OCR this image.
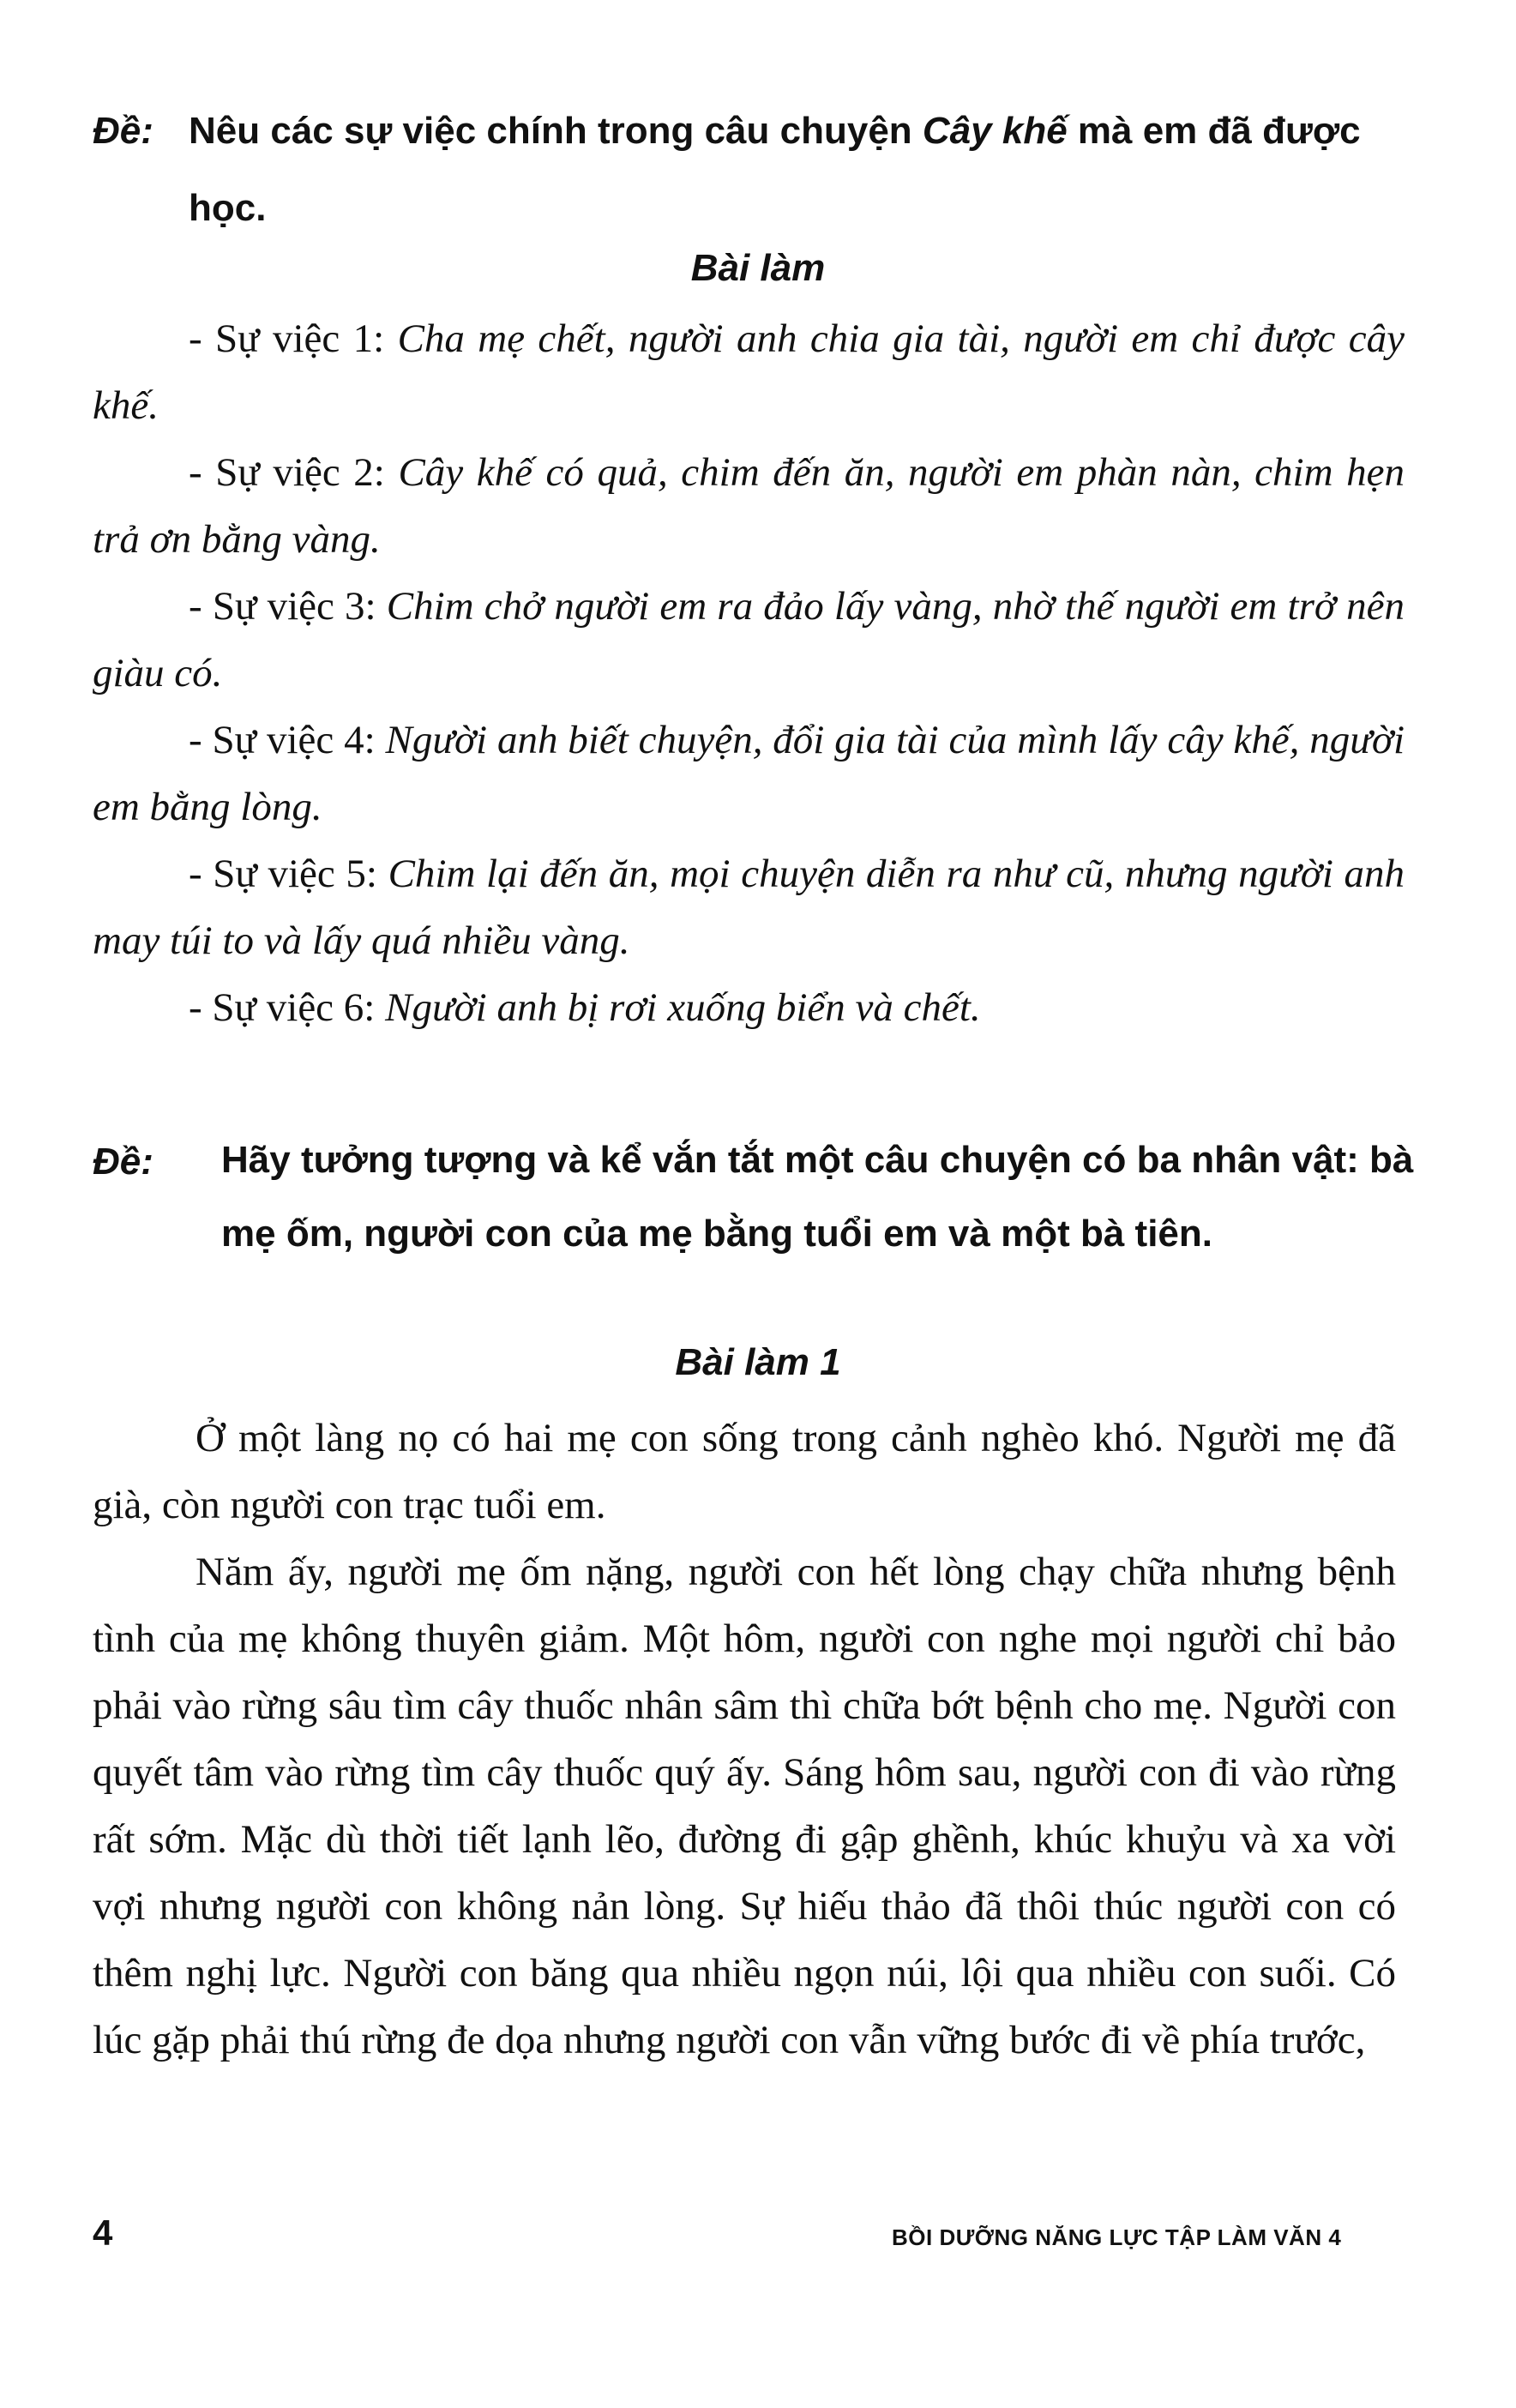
Đề: Nêu các sự việc chính trong câu chuyện Cây khế mà em đã được học.
Bài làm

- Sự việc 1: Cha mẹ chết, người anh chia gia tài, người em chỉ được cây khế.

- Sự việc 2: Cây khế có quả, chim đến ăn, người em phàn nàn, chim hẹn trả ơn bằng vàng.

- Sự việc 3: Chim chở người em ra đảo lấy vàng, nhờ thế người em trở nên giàu có.

- Sự việc 4: Người anh biết chuyện, đổi gia tài của mình lấy cây khế, người em bằng lòng.

- Sự việc 5: Chim lại đến ăn, mọi chuyện diễn ra như cũ, nhưng người anh may túi to và lấy quá nhiều vàng.

- Sự việc 6: Người anh bị rơi xuống biển và chết.

Đề: Hãy tưởng tượng và kể vắn tắt một câu chuyện có ba nhân vật: bà mẹ ốm, người con của mẹ bằng tuổi em và một bà tiên.
Bài làm 1

Ở một làng nọ có hai mẹ con sống trong cảnh nghèo khó. Người mẹ đã già, còn người con trạc tuổi em.

Năm ấy, người mẹ ốm nặng, người con hết lòng chạy chữa nhưng bệnh tình của mẹ không thuyên giảm. Một hôm, người con nghe mọi người chỉ bảo phải vào rừng sâu tìm cây thuốc nhân sâm thì chữa bớt bệnh cho mẹ. Người con quyết tâm vào rừng tìm cây thuốc quý ấy. Sáng hôm sau, người con đi vào rừng rất sớm. Mặc dù thời tiết lạnh lẽo, đường đi gập ghềnh, khúc khuỷu và xa vời vợi nhưng người con không nản lòng. Sự hiếu thảo đã thôi thúc người con có thêm nghị lực. Người con băng qua nhiều ngọn núi, lội qua nhiều con suối. Có lúc gặp phải thú rừng đe dọa nhưng người con vẫn vững bước đi về phía trước,

4	BỒI DƯỠNG NĂNG LỰC TẬP LÀM VĂN 4
